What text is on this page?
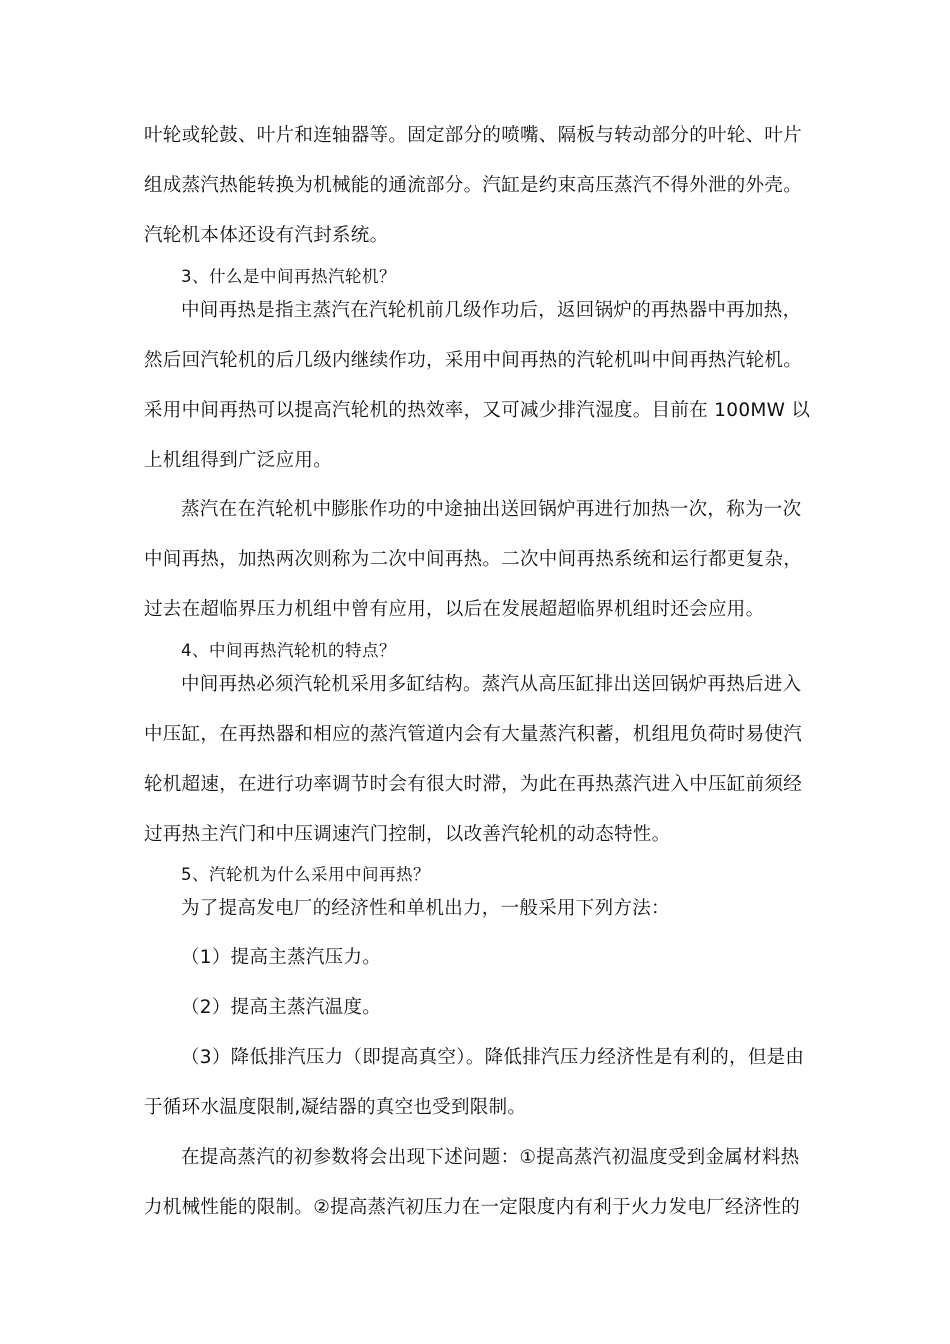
叶轮或轮鼓、叶片和连轴器等。固定部分的喷嘴、隔板与转动部分的叶轮、叶片
组成蒸汽热能转换为机械能的通流部分。汽缸是约束高压蒸汽不得外泄的外壳。
汽轮机本体还设有汽封系统。
3、什么是中间再热汽轮机？
中间再热是指主蒸汽在汽轮机前几级作功后，返回锅炉的再热器中再加热，
然后回汽轮机的后几级内继续作功，采用中间再热的汽轮机叫中间再热汽轮机。
采用中间再热可以提高汽轮机的热效率，又可减少排汽湿度。目前在 100MW 以
上机组得到广泛应用。
蒸汽在在汽轮机中膨胀作功的中途抽出送回锅炉再进行加热一次，称为一次
中间再热，加热两次则称为二次中间再热。二次中间再热系统和运行都更复杂，
过去在超临界压力机组中曾有应用，以后在发展超超临界机组时还会应用。
4、中间再热汽轮机的特点？
中间再热必须汽轮机采用多缸结构。蒸汽从高压缸排出送回锅炉再热后进入
中压缸，在再热器和相应的蒸汽管道内会有大量蒸汽积蓄，机组甩负荷时易使汽
轮机超速，在进行功率调节时会有很大时滞，为此在再热蒸汽进入中压缸前须经
过再热主汽门和中压调速汽门控制，以改善汽轮机的动态特性。
5、汽轮机为什么采用中间再热？
为了提高发电厂的经济性和单机出力，一般采用下列方法：
（1）提高主蒸汽压力。
（2）提高主蒸汽温度。
（3）降低排汽压力（即提高真空）。降低排汽压力经济性是有利的，但是由
于循环水温度限制,凝结器的真空也受到限制。
在提高蒸汽的初参数将会出现下述问题：①提高蒸汽初温度受到金属材料热
力机械性能的限制。②提高蒸汽初压力在一定限度内有利于火力发电厂经济性的
